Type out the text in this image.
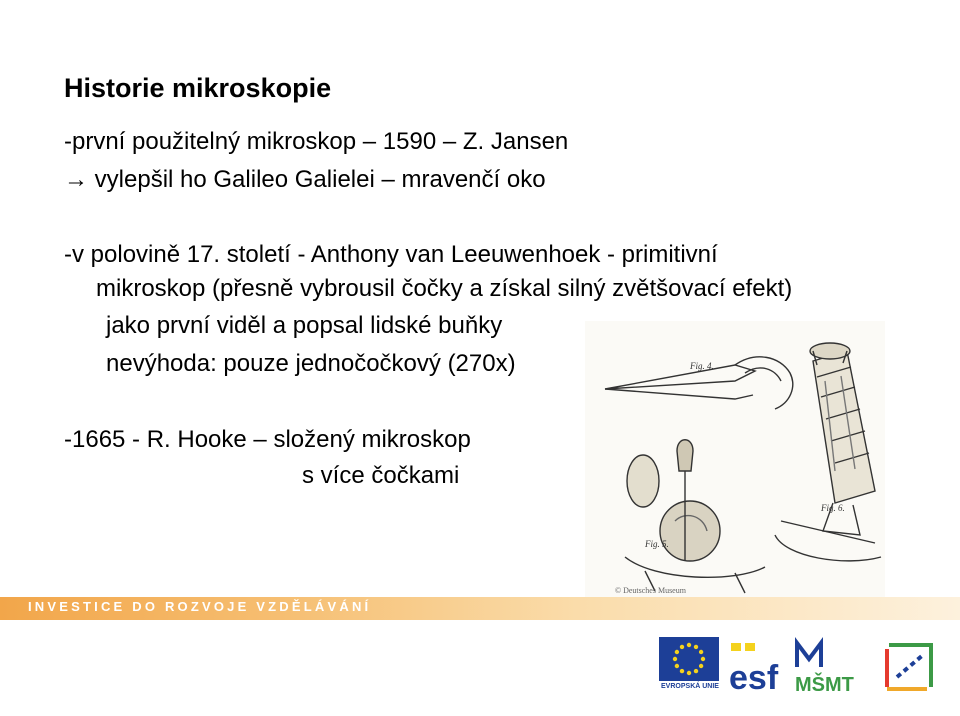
Historie mikroskopie
-první použitelný mikroskop – 1590 – Z. Jansen
→ vylepšil ho Galileo Galielei – mravenčí oko
-v polovině 17. století - Anthony van Leeuwenhoek - primitivní
mikroskop (přesně vybrousil čočky a získal silný zvětšovací efekt)
jako první viděl a popsal lidské buňky
nevýhoda: pouze jednočočkový (270x)
-1665 - R. Hooke – složený mikroskop
s více čočkami
Fig. 4.
Fig. 6.
Fig. 5.
© Deutsches Museum
INVESTICE DO ROZVOJE VZDĚLÁVÁNÍ
EVROPSKÁ UNIE esf MŠMT
